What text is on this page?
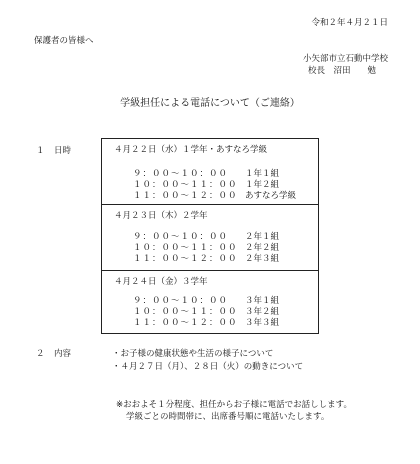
令和２年４月２１日
保護者の皆様へ
小矢部市立石動中学校
校長　沼田　　勉
学級担任による電話について（ご連絡）
１ 日時	４月２２日（水）１学年・あすなろ学級
９：００～１０：００ １年１組
１０：００～１１：００ １年２組
１１：００～１２：００ あすなろ学級
４月２３日（木）２学年
９：００～１０：００ ２年１組
１０：００～１１：００ ２年２組
１１：００～１２：００ ２年３組
４月２４日（金）３学年
９：００～１０：００ ３年１組
１０：００～１１：００ ３年２組
１１：００～１２：００ ３年３組
２ 内容	・お子様の健康状態や生活の様子について
・４月２７日（月）、２８日（火）の動きについて
※おおよそ１分程度、担任からお子様に電話でお話しします。
学級ごとの時間帯に、出席番号順に電話いたします。
